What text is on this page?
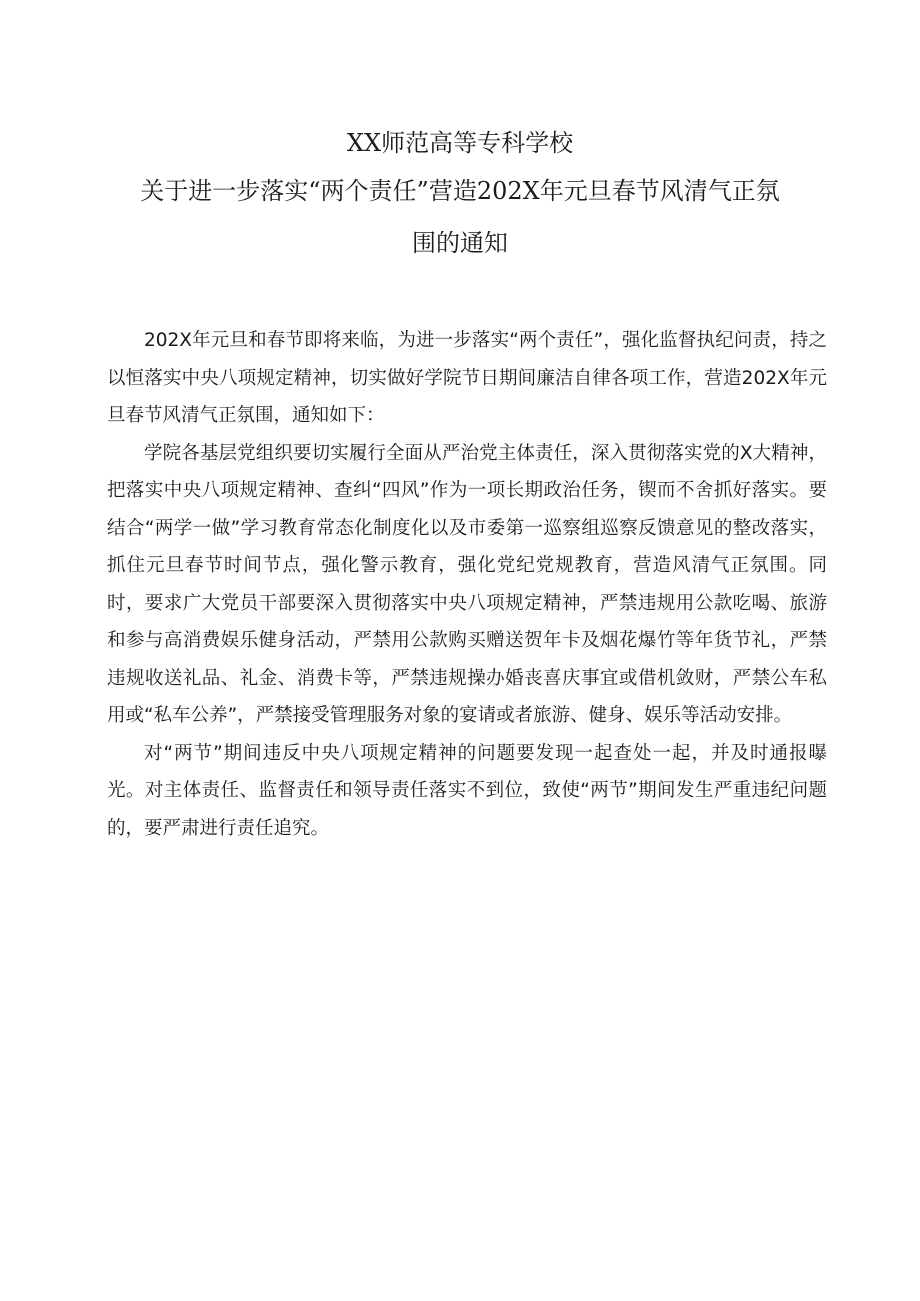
XX师范高等专科学校
关于进一步落实“两个责任”营造202X年元旦春节风清气正氛
围的通知

202X年元旦和春节即将来临，为进一步落实“两个责任”，强化监督执纪问责，持之以恒落实中央八项规定精神，切实做好学院节日期间廉洁自律各项工作，营造202X年元旦春节风清气正氛围，通知如下：

学院各基层党组织要切实履行全面从严治党主体责任，深入贯彻落实党的X大精神，把落实中央八项规定精神、查纠“四风”作为一项长期政治任务，锲而不舍抓好落实。要结合“两学一做”学习教育常态化制度化以及市委第一巡察组巡察反馈意见的整改落实，抓住元旦春节时间节点，强化警示教育，强化党纪党规教育，营造风清气正氛围。同时，要求广大党员干部要深入贯彻落实中央八项规定精神，严禁违规用公款吃喝、旅游和参与高消费娱乐健身活动，严禁用公款购买赠送贺年卡及烟花爆竹等年货节礼，严禁违规收送礼品、礼金、消费卡等，严禁违规操办婚丧喜庆事宜或借机敛财，严禁公车私用或“私车公养”，严禁接受管理服务对象的宴请或者旅游、健身、娱乐等活动安排。

对“两节”期间违反中央八项规定精神的问题要发现一起查处一起，并及时通报曝光。对主体责任、监督责任和领导责任落实不到位，致使“两节”期间发生严重违纪问题的，要严肃进行责任追究。
